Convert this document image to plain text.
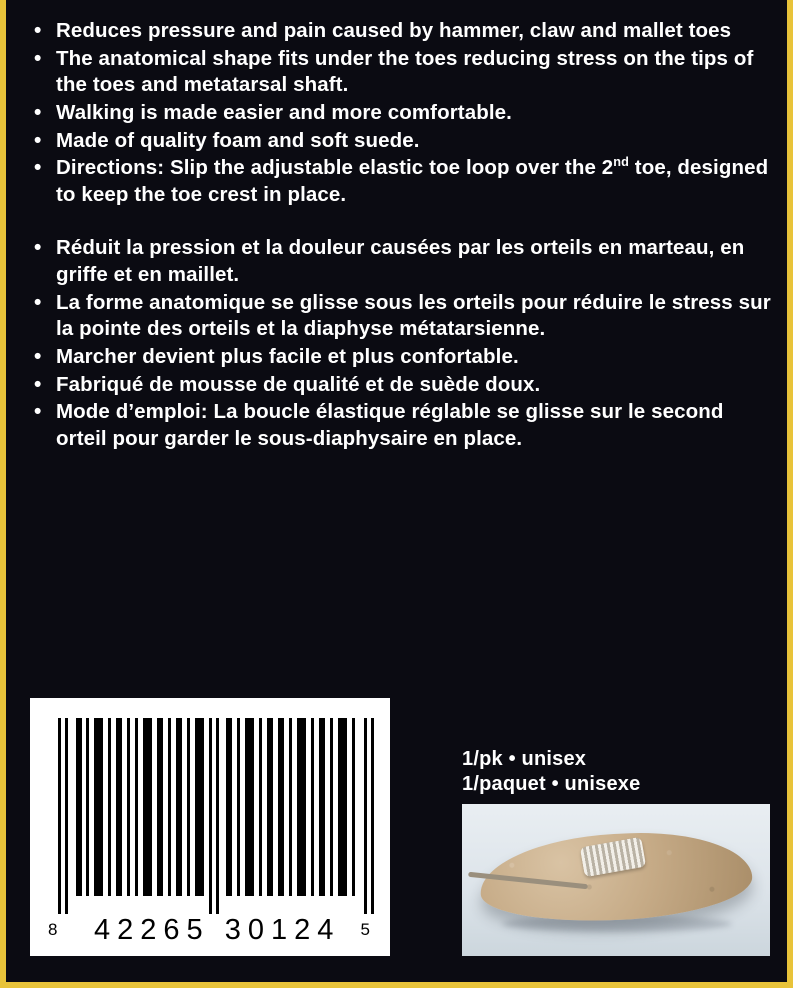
• Reduces pressure and pain caused by hammer, claw and mallet toes
• The anatomical shape fits under the toes reducing stress on the tips of the toes and metatarsal shaft.
• Walking is made easier and more comfortable.
• Made of quality foam and soft suede.
• Directions: Slip the adjustable elastic toe loop over the 2nd toe, designed to keep the toe crest in place.
• Réduit la pression et la douleur causées par les orteils en marteau, en griffe et en maillet.
• La forme anatomique se glisse sous les orteils pour réduire le stress sur la pointe des orteils et la diaphyse métatarsienne.
• Marcher devient plus facile et plus confortable.
• Fabriqué de mousse de qualité et de suède doux.
• Mode d’emploi: La boucle élastique réglable se glisse sur le second orteil pour garder le sous-diaphysaire en place.
8 42265 30124 5
1/pk • unisex
1/paquet • unisexe
